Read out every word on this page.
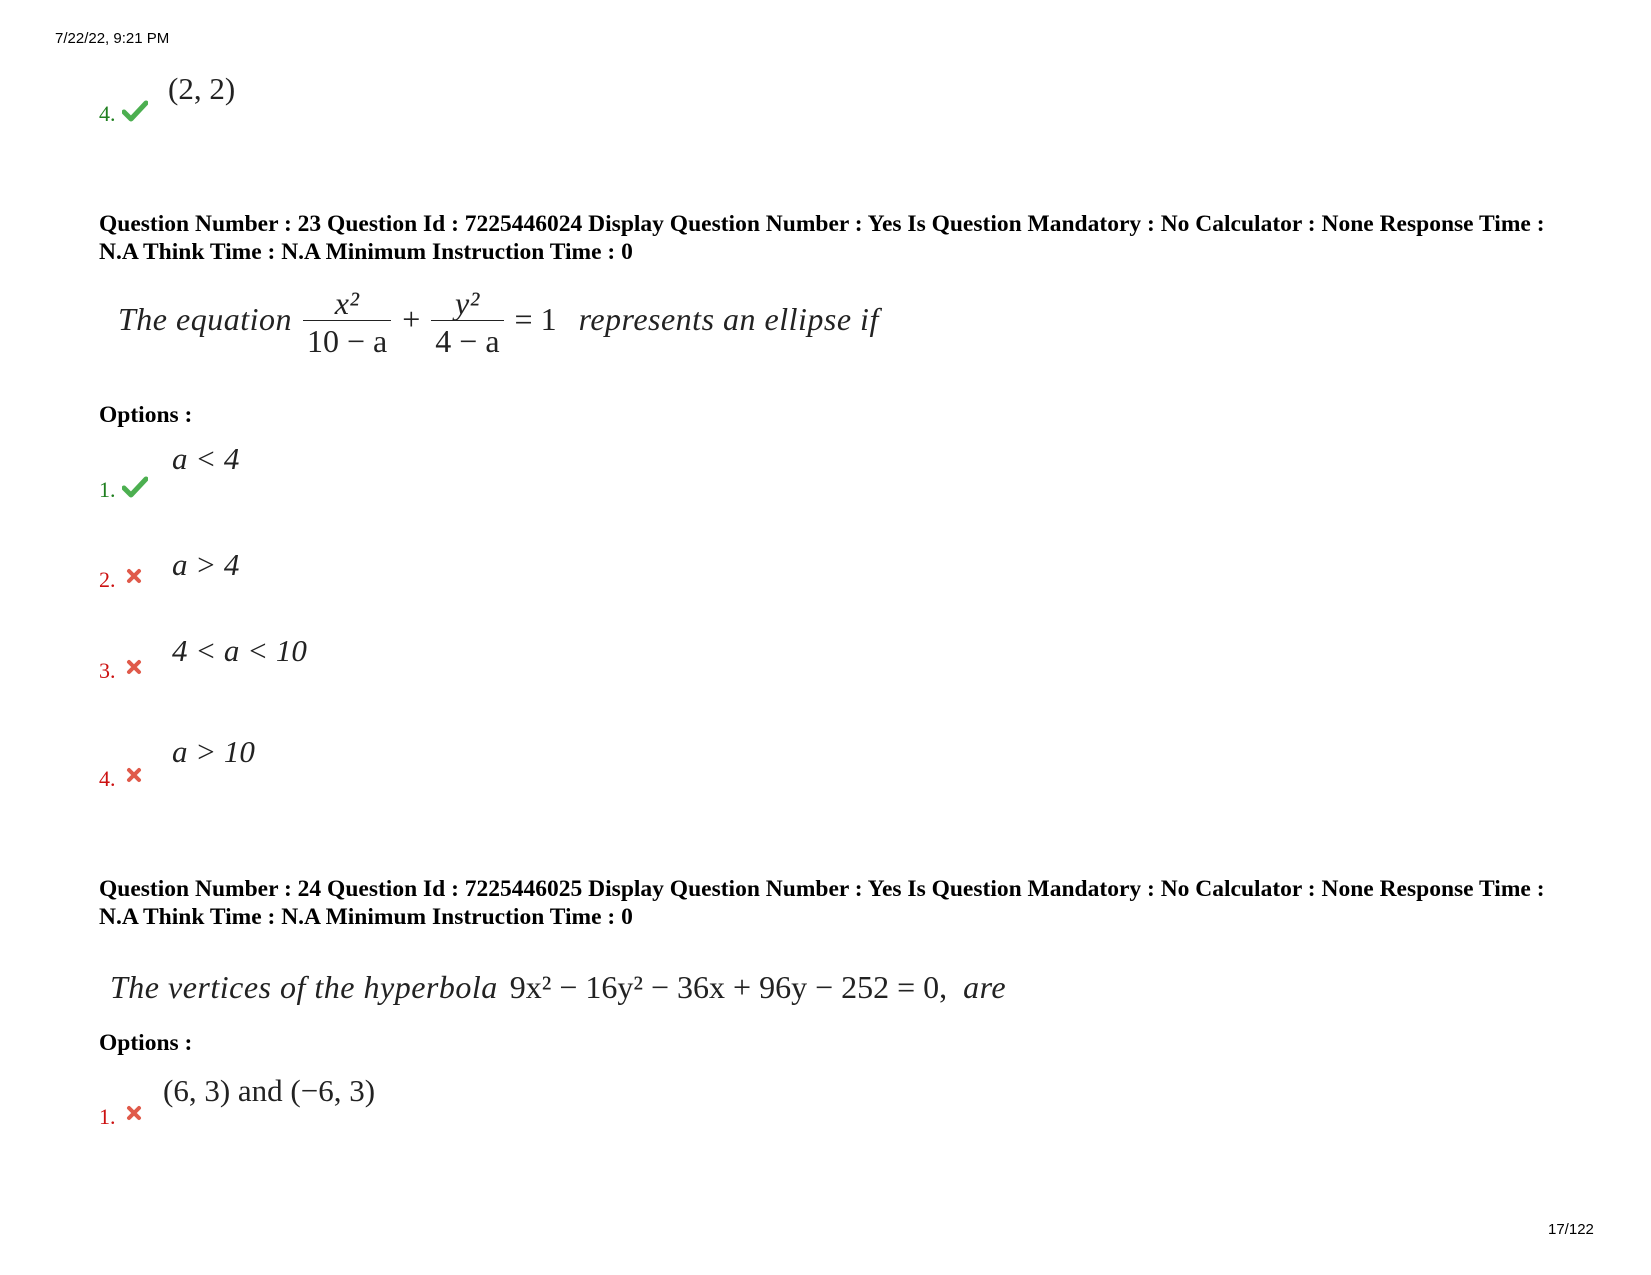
7/22/22, 9:21 PM
17/122
4.
(2, 2)
Question Number : 23 Question Id : 7225446024 Display Question Number : Yes Is Question Mandatory : No Calculator : None Response Time : N.A Think Time : N.A Minimum Instruction Time : 0
The equation $\frac{\text{x²}}{10 - a} + \frac{\text{y²}}{4 - a} = 1$ represents an ellipse if
Options :
1.
a < 4
2. a > 4
3.
4 < a < 10
4.
a > 10
Question Number : 24 Question Id : 7225446025 Display Question Number : Yes Is Question Mandatory : No Calculator : None Response Time : N.A Think Time : N.A Minimum Instruction Time : 0
The vertices of the hyperbola 9x² − 16y² − 36x + 96y − 252 = 0, are
Options :
1.
(6, 3) and (−6, 3)
